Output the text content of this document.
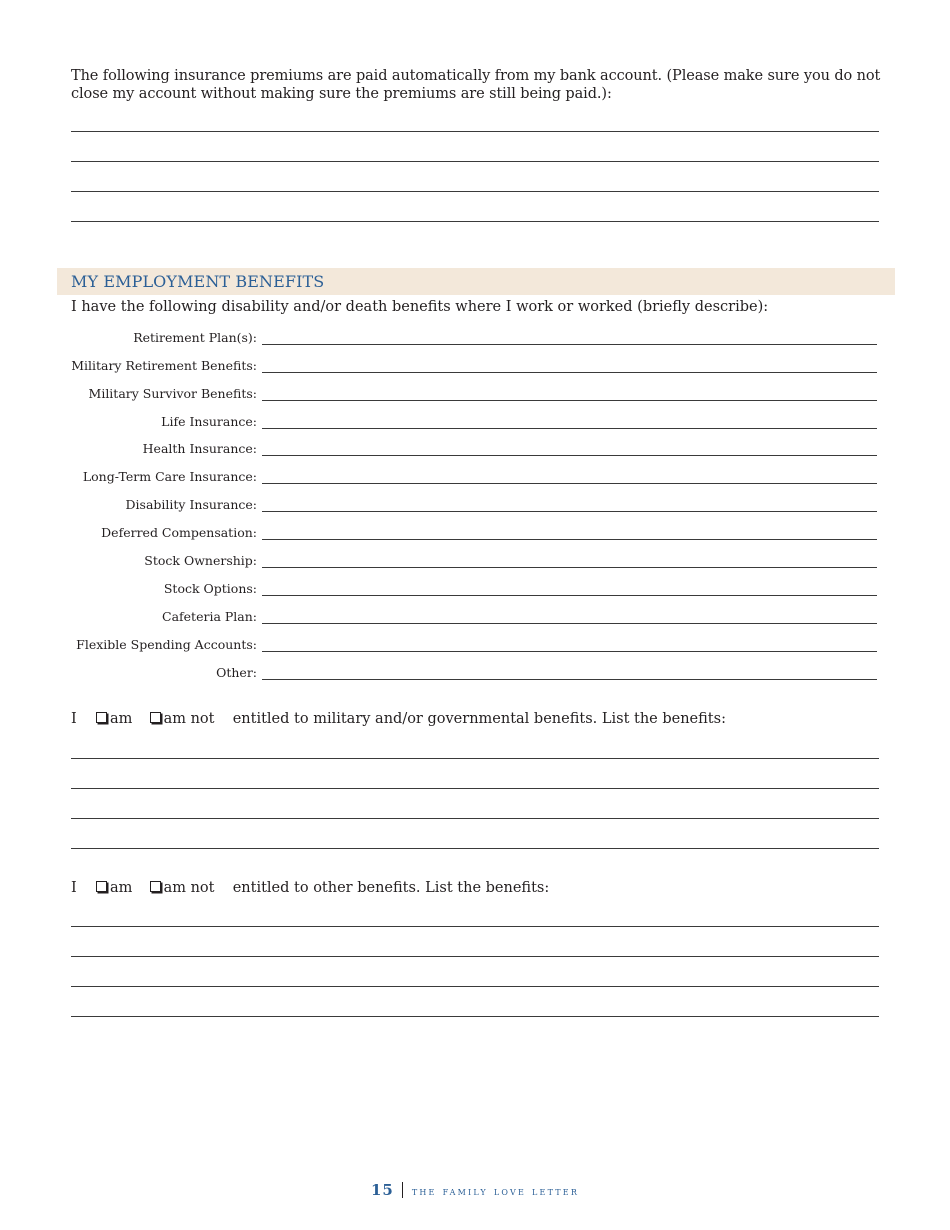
The following insurance premiums are paid automatically from my bank account. (Please make sure you do not close my account without making sure the premiums are still being paid.):
MY EMPLOYMENT BENEFITS
I have the following disability and/or death benefits where I work or worked (briefly describe):
Retirement Plan(s):
Military Retirement Benefits:
Military Survivor Benefits:
Life Insurance:
Health Insurance:
Long-Term Care Insurance:
Disability Insurance:
Deferred Compensation:
Stock Ownership:
Stock Options:
Cafeteria Plan:
Flexible Spending Accounts:
Other:
I am am not entitled to military and/or governmental benefits. List the benefits:
I am am not entitled to other benefits. List the benefits:
15 the family love letter
